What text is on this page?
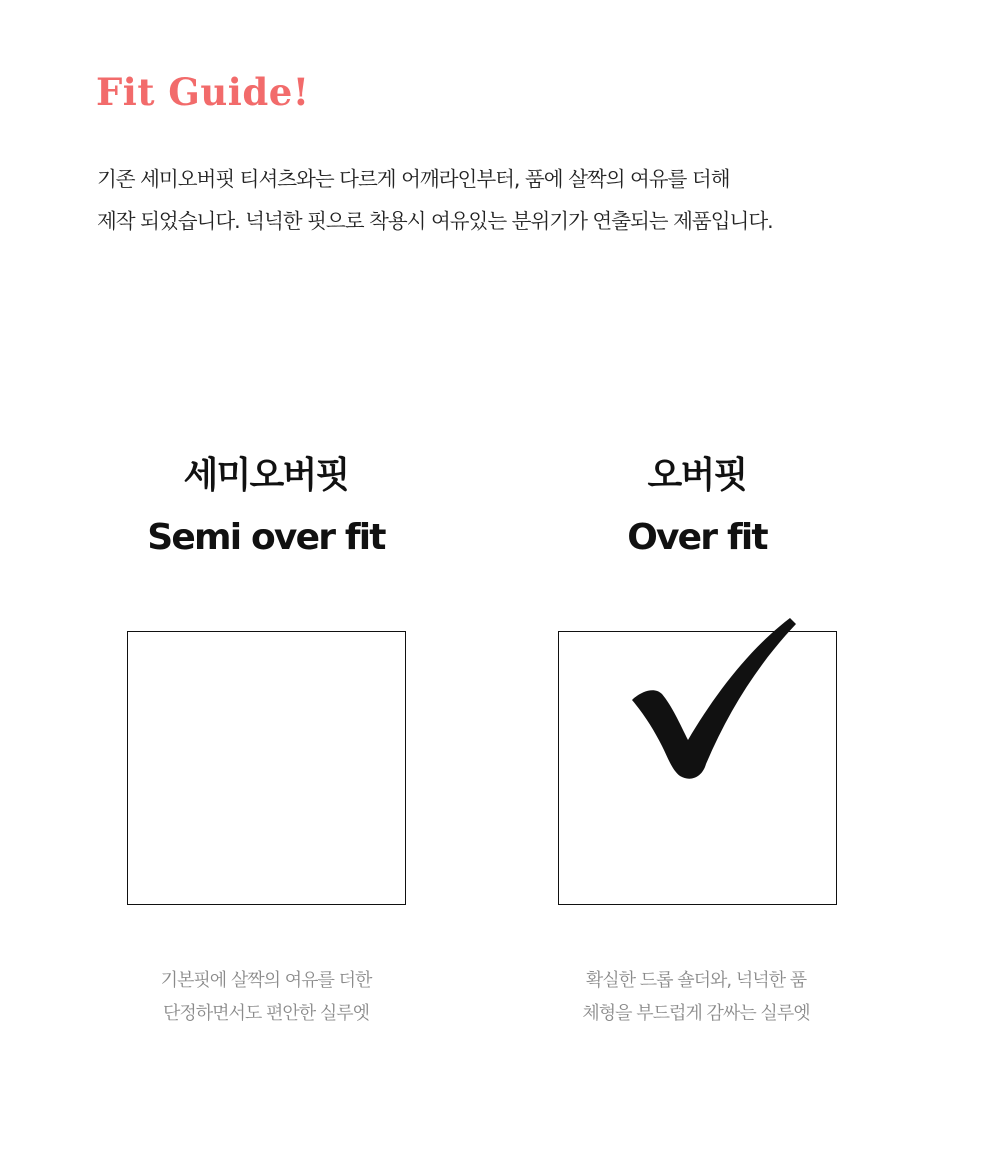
Fit Guide!
기존 세미오버핏 티셔츠와는 다르게 어깨라인부터, 품에 살짝의 여유를 더해
제작 되었습니다. 넉넉한 핏으로 착용시 여유있는 분위기가 연출되는 제품입니다.
세미오버핏
Semi over fit
기본핏에 살짝의 여유를 더한
단정하면서도 편안한 실루엣
오버핏
Over fit
확실한 드롭 숄더와, 넉넉한 품
체형을 부드럽게 감싸는 실루엣
